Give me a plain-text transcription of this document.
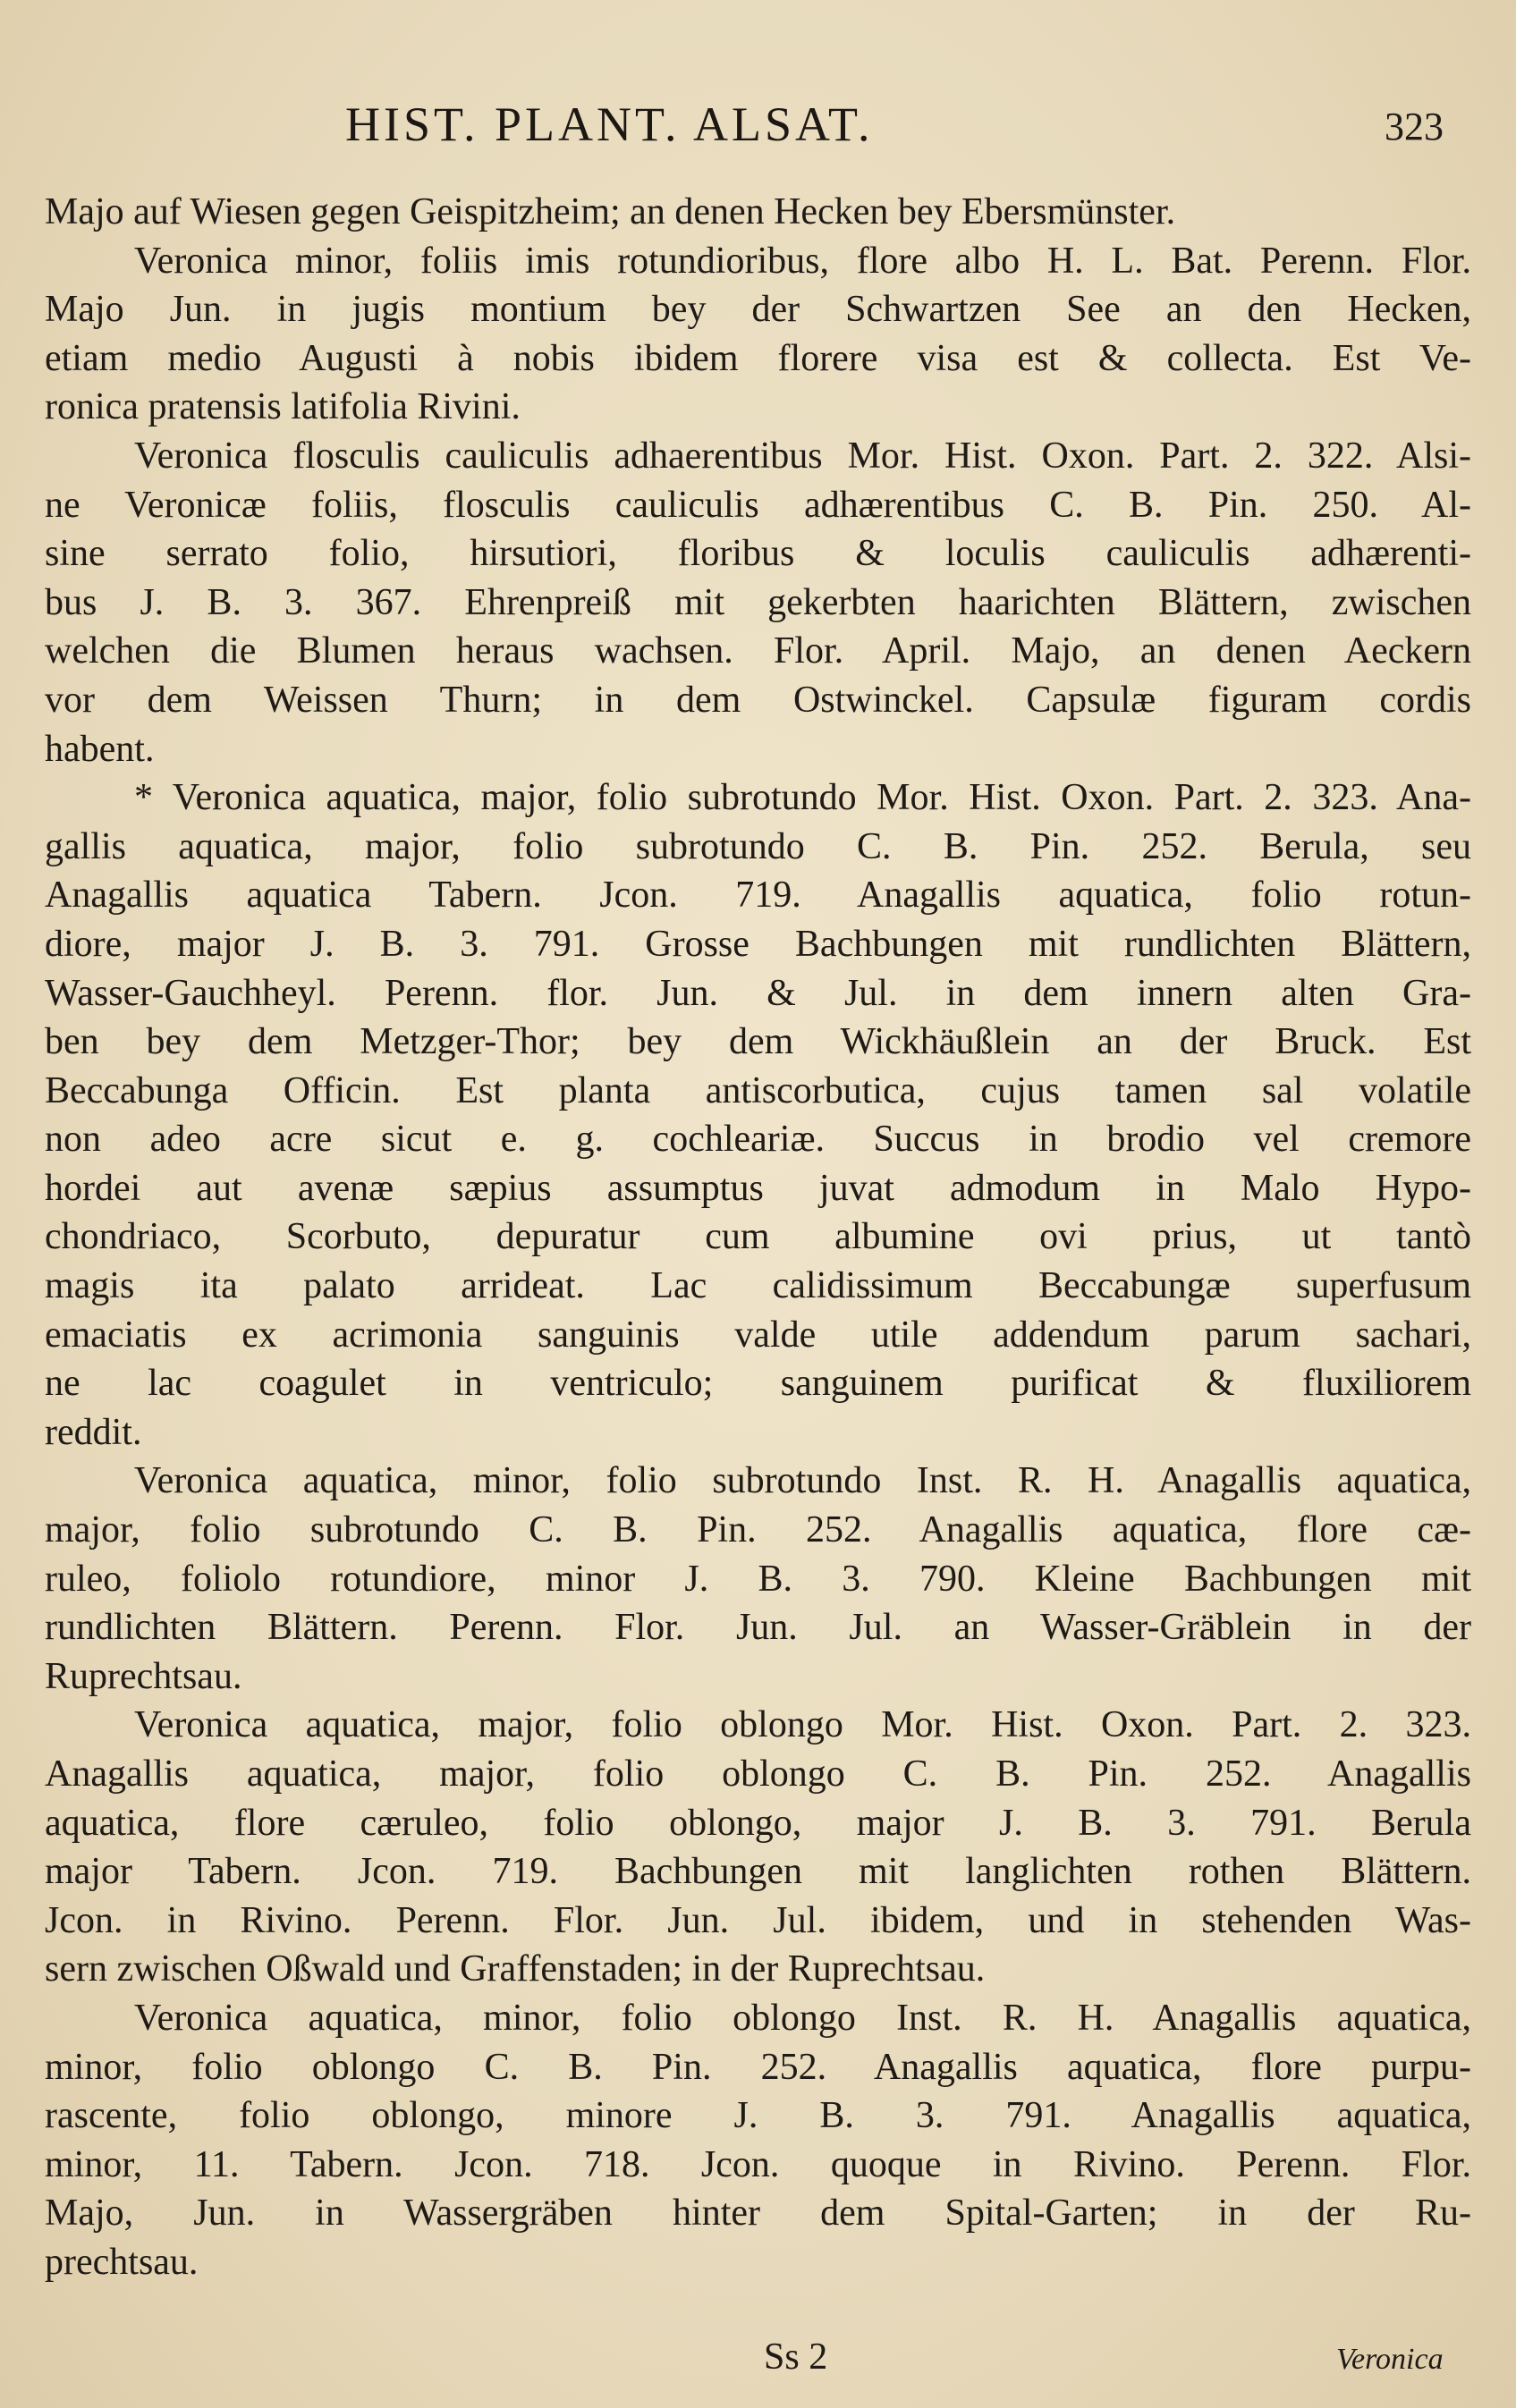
HIST. PLANT. ALSAT.	323
Majo auf Wiesen gegen Geispitzheim; an denen Hecken bey Ebersmünster.
Veronica minor, foliis imis rotundioribus, flore albo H. L. Bat. Perenn. Flor.
Majo Jun. in jugis montium bey der Schwartzen See an den Hecken,
etiam medio Augusti à nobis ibidem florere visa est & collecta. Est Ve-
ronica pratensis latifolia Rivini.
Veronica flosculis cauliculis adhaerentibus Mor. Hist. Oxon. Part. 2. 322. Alsi-
ne Veronicæ foliis, flosculis cauliculis adhærentibus C. B. Pin. 250. Al-
sine serrato folio, hirsutiori, floribus & loculis cauliculis adhærenti-
bus J. B. 3. 367. Ehrenpreiß mit gekerbten haarichten Blättern, zwischen
welchen die Blumen heraus wachsen. Flor. April. Majo, an denen Aeckern
vor dem Weissen Thurn; in dem Ostwinckel. Capsulæ figuram cordis
habent.
* Veronica aquatica, major, folio subrotundo Mor. Hist. Oxon. Part. 2. 323. Ana-
gallis aquatica, major, folio subrotundo C. B. Pin. 252. Berula, seu
Anagallis aquatica Tabern. Jcon. 719. Anagallis aquatica, folio rotun-
diore, major J. B. 3. 791. Grosse Bachbungen mit rundlichten Blättern,
Wasser-Gauchheyl. Perenn. flor. Jun. & Jul. in dem innern alten Gra-
ben bey dem Metzger-Thor; bey dem Wickhäußlein an der Bruck. Est
Beccabunga Officin. Est planta antiscorbutica, cujus tamen sal volatile
non adeo acre sicut e. g. cochleariæ. Succus in brodio vel cremore
hordei aut avenæ sæpius assumptus juvat admodum in Malo Hypo-
chondriaco, Scorbuto, depuratur cum albumine ovi prius, ut tantò
magis ita palato arrideat. Lac calidissimum Beccabungæ superfusum
emaciatis ex acrimonia sanguinis valde utile addendum parum sachari,
ne lac coagulet in ventriculo; sanguinem purificat & fluxiliorem
reddit.
Veronica aquatica, minor, folio subrotundo Inst. R. H. Anagallis aquatica,
major, folio subrotundo C. B. Pin. 252. Anagallis aquatica, flore cæ-
ruleo, foliolo rotundiore, minor J. B. 3. 790. Kleine Bachbungen mit
rundlichten Blättern. Perenn. Flor. Jun. Jul. an Wasser-Gräblein in der
Ruprechtsau.
Veronica aquatica, major, folio oblongo Mor. Hist. Oxon. Part. 2. 323.
Anagallis aquatica, major, folio oblongo C. B. Pin. 252. Anagallis
aquatica, flore cæruleo, folio oblongo, major J. B. 3. 791. Berula
major Tabern. Jcon. 719. Bachbungen mit langlichten rothen Blättern.
Jcon. in Rivino. Perenn. Flor. Jun. Jul. ibidem, und in stehenden Was-
sern zwischen Oßwald und Graffenstaden; in der Ruprechtsau.
Veronica aquatica, minor, folio oblongo Inst. R. H. Anagallis aquatica,
minor, folio oblongo C. B. Pin. 252. Anagallis aquatica, flore purpu-
rascente, folio oblongo, minore J. B. 3. 791. Anagallis aquatica,
minor, 11. Tabern. Jcon. 718. Jcon. quoque in Rivino. Perenn. Flor.
Majo, Jun. in Wassergräben hinter dem Spital-Garten; in der Ru-
prechtsau.
Ss 2	Veronica
